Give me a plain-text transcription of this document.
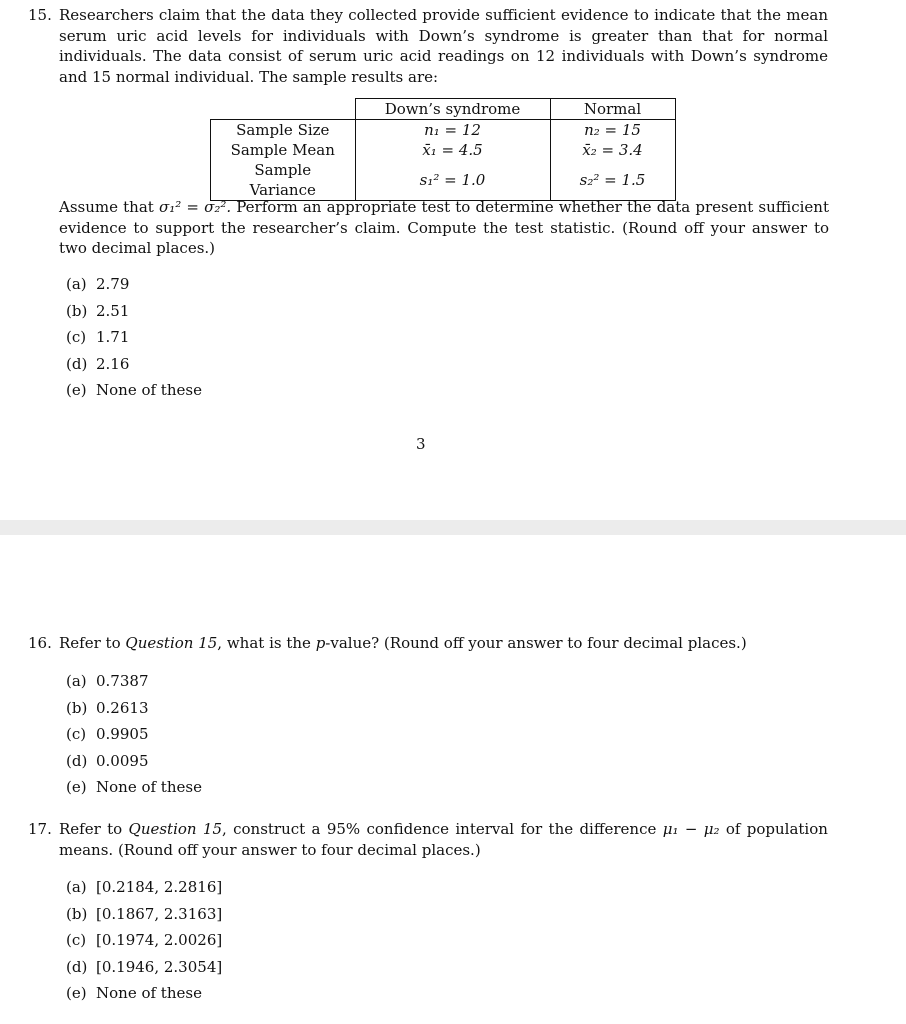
15. Researchers claim that the data they collected provide sufficient evidence to indicate that the mean serum uric acid levels for individuals with Down’s syndrome is greater than that for normal individuals. The data consist of serum uric acid readings on 12 individuals with Down’s syndrome and 15 normal individual. The sample results are:
	Down’s syndrome	Normal
Sample Size	n₁ = 12	n₂ = 15
Sample Mean	x̄₁ = 4.5	x̄₂ = 3.4
Sample Variance	s₁² = 1.0	s₂² = 1.5
Assume that σ₁² = σ₂². Perform an appropriate test to determine whether the data present sufficient evidence to support the researcher’s claim. Compute the test statistic. (Round off your answer to two decimal places.)
(a) 2.79
(b) 2.51
(c) 1.71
(d) 2.16
(e) None of these
3
16. Refer to Question 15, what is the p-value? (Round off your answer to four decimal places.)
(a) 0.7387
(b) 0.2613
(c) 0.9905
(d) 0.0095
(e) None of these
17. Refer to Question 15, construct a 95% confidence interval for the difference μ₁ − μ₂ of population means. (Round off your answer to four decimal places.)
(a) [0.2184, 2.2816]
(b) [0.1867, 2.3163]
(c) [0.1974, 2.0026]
(d) [0.1946, 2.3054]
(e) None of these
